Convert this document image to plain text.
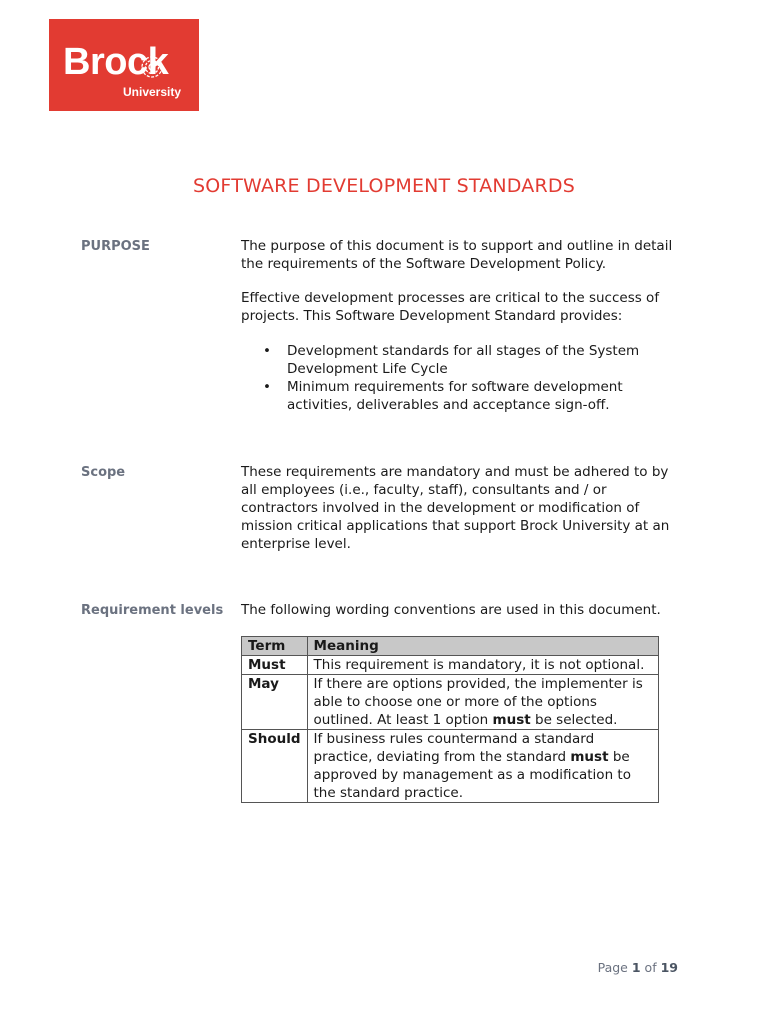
Brock
University
SOFTWARE DEVELOPMENT STANDARDS
PURPOSE	The purpose of this document is to support and outline in detail the requirements of the Software Development Policy.
Effective development processes are critical to the success of projects. This Software Development Standard provides:
• Development standards for all stages of the System Development Life Cycle
• Minimum requirements for software development activities, deliverables and acceptance sign-off.
Scope	These requirements are mandatory and must be adhered to by all employees (i.e., faculty, staff), consultants and / or contractors involved in the development or modification of mission critical applications that support Brock University at an enterprise level.
Requirement levels The following wording conventions are used in this document.
Term	Meaning
Must	This requirement is mandatory, it is not optional.
May	If there are options provided, the implementer is able to choose one or more of the options outlined. At least 1 option must be selected.
Should	If business rules countermand a standard practice, deviating from the standard must be approved by management as a modification to the standard practice.
Page 1 of 19
